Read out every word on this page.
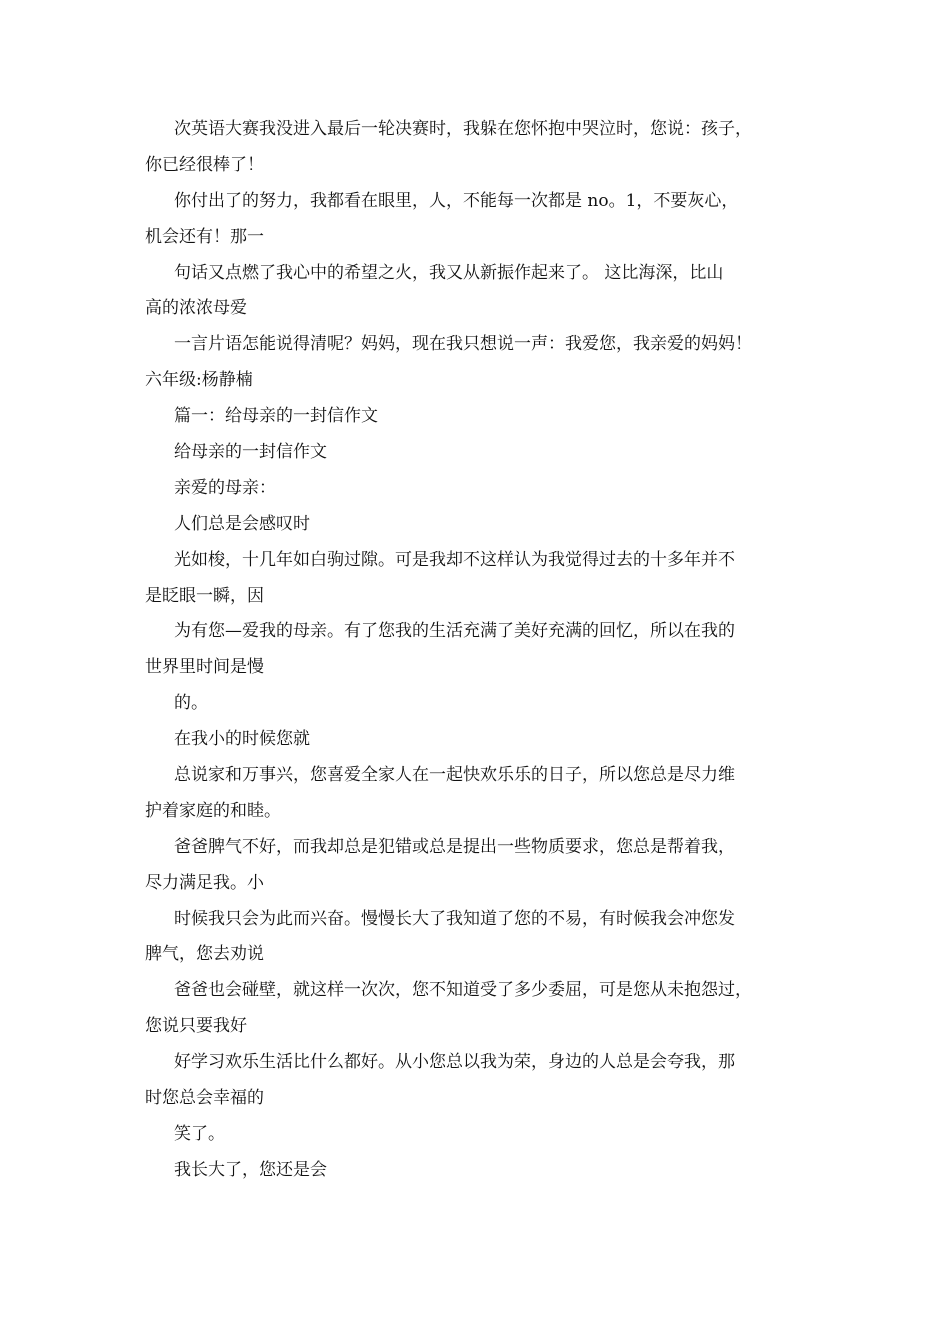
次英语大赛我没进入最后一轮决赛时，我躲在您怀抱中哭泣时，您说：孩子，
你已经很棒了！
你付出了的努力，我都看在眼里，人，不能每一次都是 no。1，不要灰心，
机会还有！那一
句话又点燃了我心中的希望之火，我又从新振作起来了。 这比海深，比山
高的浓浓母爱
一言片语怎能说得清呢？妈妈，现在我只想说一声：我爱您，我亲爱的妈妈！
六年级:杨静楠
篇一：给母亲的一封信作文
给母亲的一封信作文
亲爱的母亲：
人们总是会感叹时
光如梭，十几年如白驹过隙。可是我却不这样认为我觉得过去的十多年并不
是眨眼一瞬，因
为有您—爱我的母亲。有了您我的生活充满了美好充满的回忆，所以在我的
世界里时间是慢
的。
在我小的时候您就
总说家和万事兴，您喜爱全家人在一起快欢乐乐的日子，所以您总是尽力维
护着家庭的和睦。
爸爸脾气不好，而我却总是犯错或总是提出一些物质要求，您总是帮着我，
尽力满足我。小
时候我只会为此而兴奋。慢慢长大了我知道了您的不易，有时候我会冲您发
脾气，您去劝说
爸爸也会碰壁，就这样一次次，您不知道受了多少委屈，可是您从未抱怨过，
您说只要我好
好学习欢乐生活比什么都好。从小您总以我为荣，身边的人总是会夸我，那
时您总会幸福的
笑了。
我长大了，您还是会
